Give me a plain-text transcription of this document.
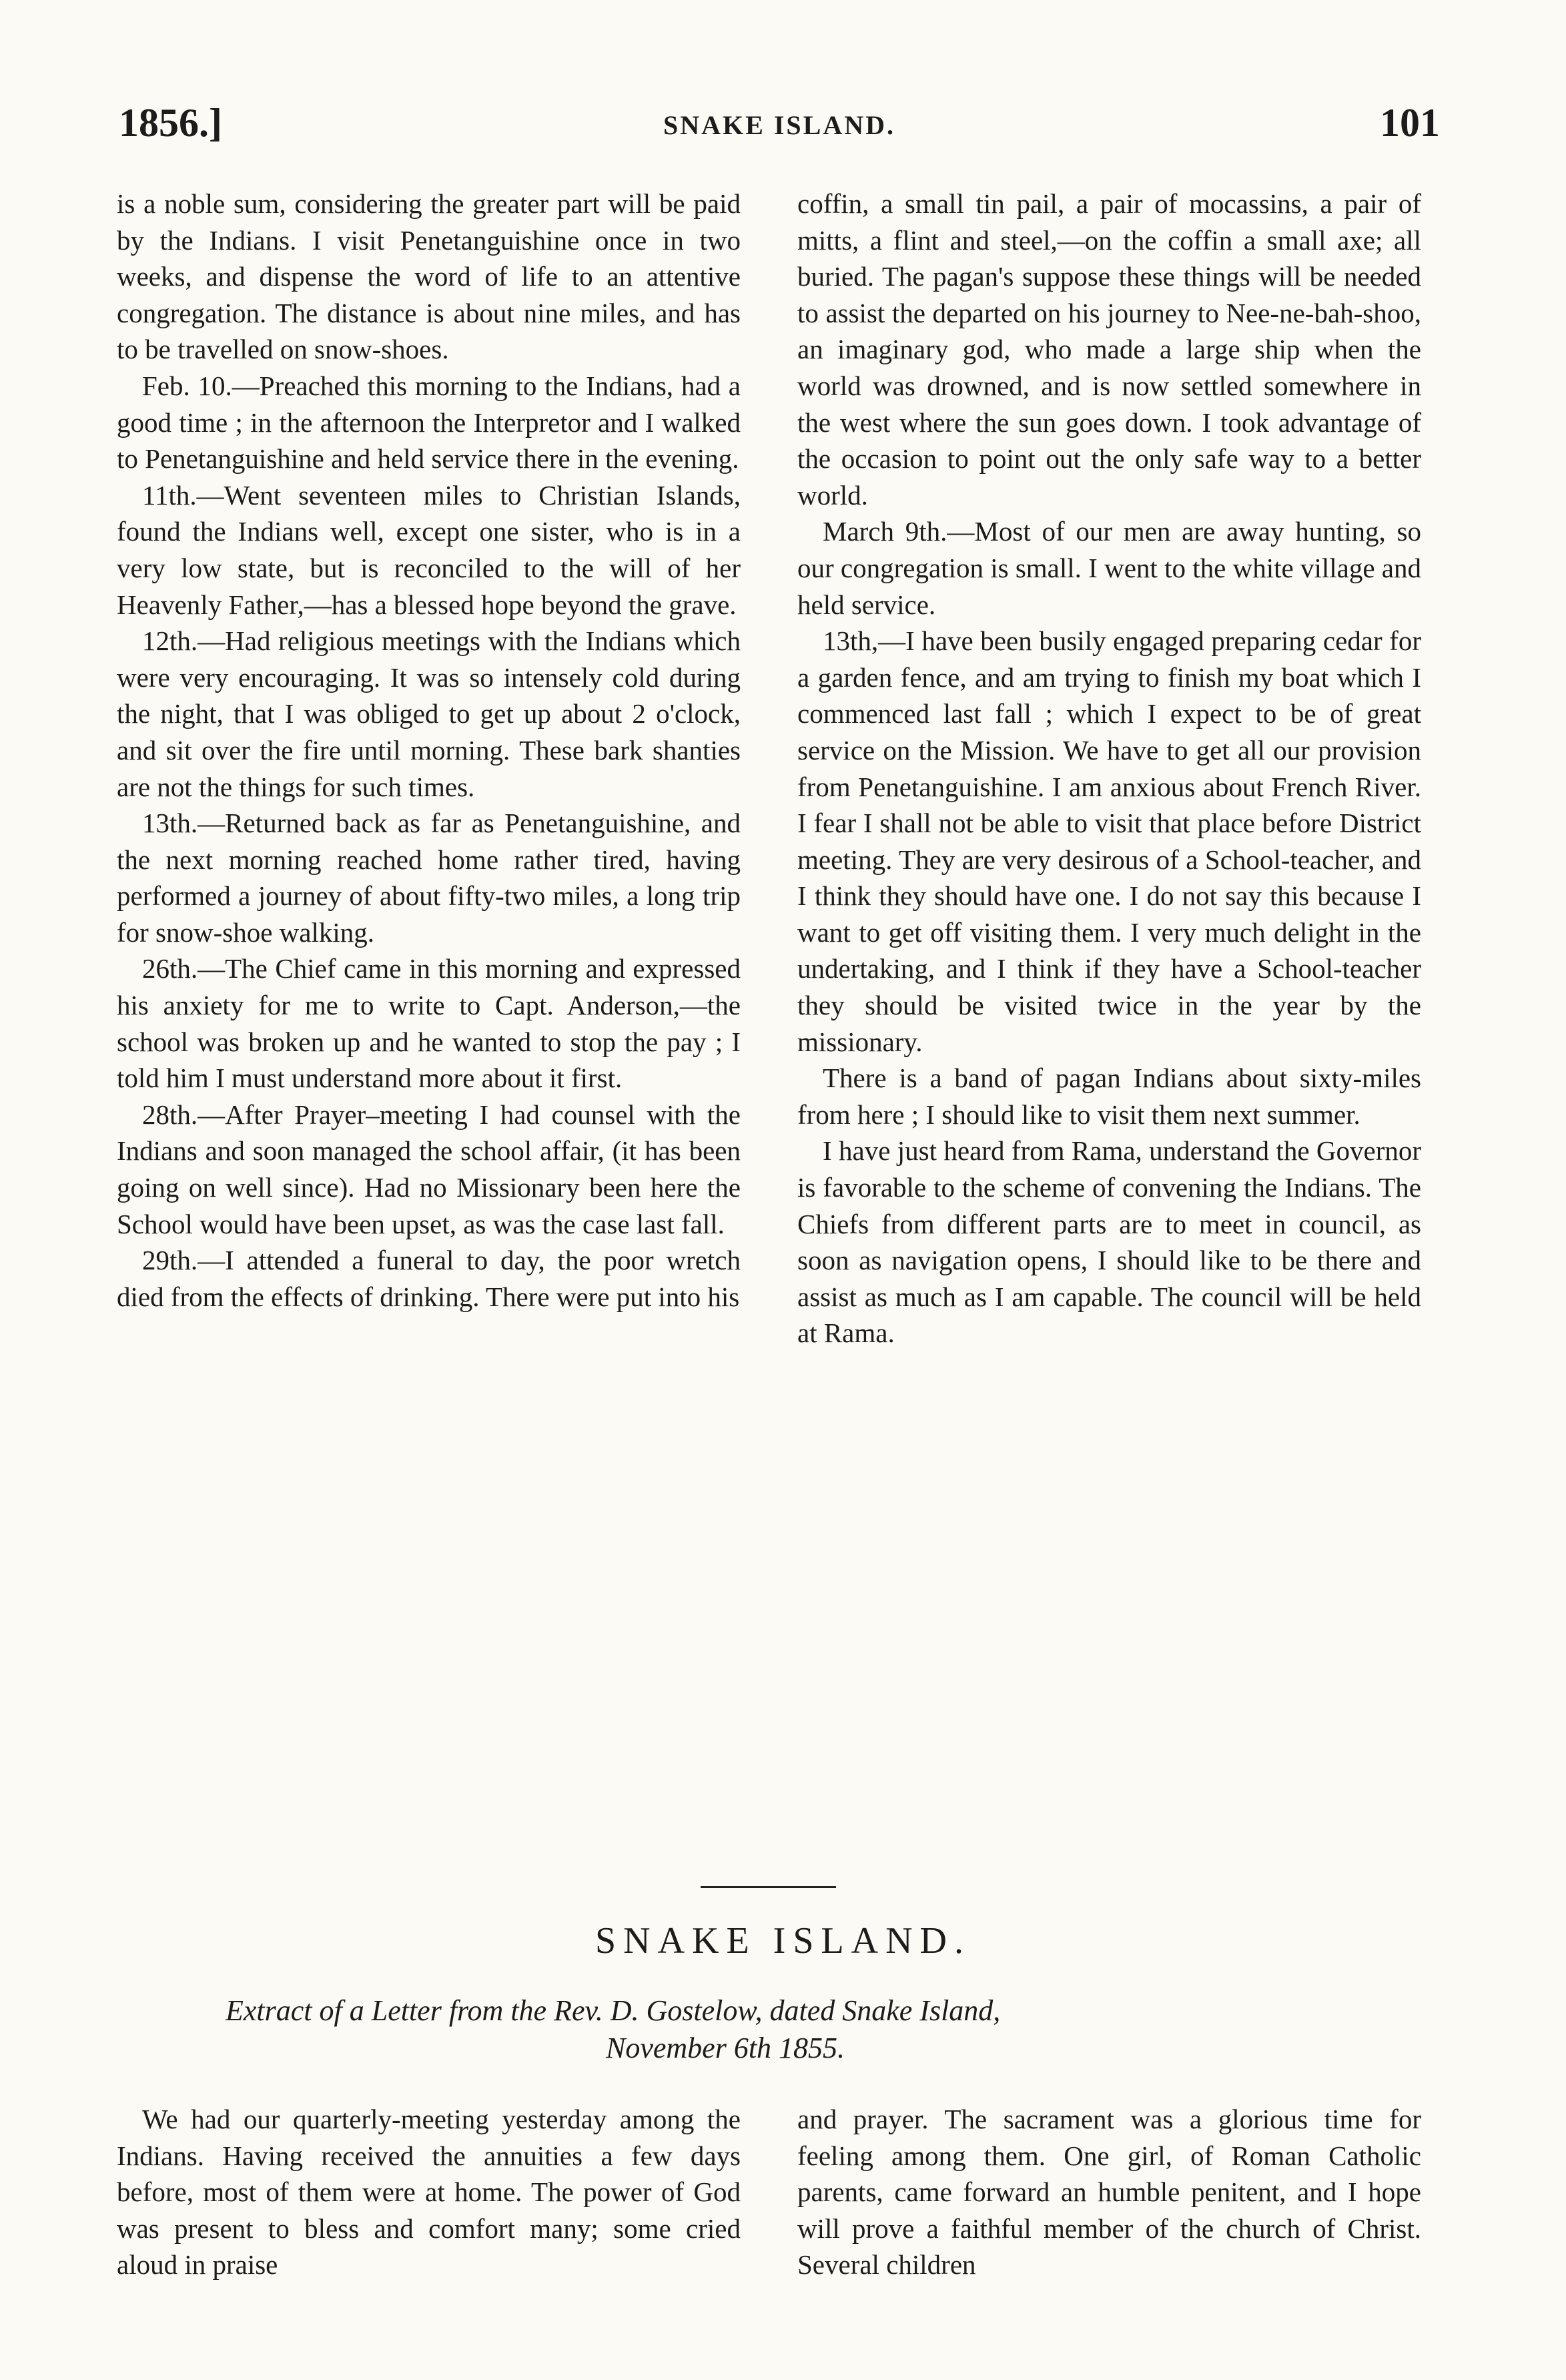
1856.]	SNAKE ISLAND.	101

is a noble sum, considering the greater part will be paid by the Indians. I visit Penetanguishine once in two weeks, and dispense the word of life to an attentive congregation. The distance is about nine miles, and has to be travelled on snow-shoes.

Feb. 10.—Preached this morning to the Indians, had a good time ; in the afternoon the Interpretor and I walked to Penetanguishine and held service there in the evening.

11th.—Went seventeen miles to Christian Islands, found the Indians well, except one sister, who is in a very low state, but is reconciled to the will of her Heavenly Father,—has a blessed hope beyond the grave.

12th.—Had religious meetings with the Indians which were very encouraging. It was so intensely cold during the night, that I was obliged to get up about 2 o'clock, and sit over the fire until morning. These bark shanties are not the things for such times.

13th.—Returned back as far as Penetanguishine, and the next morning reached home rather tired, having performed a journey of about fifty-two miles, a long trip for snow-shoe walking.

26th.—The Chief came in this morning and expressed his anxiety for me to write to Capt. Anderson,—the school was broken up and he wanted to stop the pay ; I told him I must understand more about it first.

28th.—After Prayer–meeting I had counsel with the Indians and soon managed the school affair, (it has been going on well since). Had no Missionary been here the School would have been upset, as was the case last fall.

29th.—I attended a funeral to day, the poor wretch died from the effects of drinking. There were put into his

coffin, a small tin pail, a pair of mocassins, a pair of mitts, a flint and steel,—on the coffin a small axe; all buried. The pagan's suppose these things will be needed to assist the departed on his journey to Nee-ne-bah-shoo, an imaginary god, who made a large ship when the world was drowned, and is now settled somewhere in the west where the sun goes down. I took advantage of the occasion to point out the only safe way to a better world.

March 9th.—Most of our men are away hunting, so our congregation is small. I went to the white village and held service.

13th,—I have been busily engaged preparing cedar for a garden fence, and am trying to finish my boat which I commenced last fall ; which I expect to be of great service on the Mission. We have to get all our provision from Penetanguishine. I am anxious about French River. I fear I shall not be able to visit that place before District meeting. They are very desirous of a School-teacher, and I think they should have one. I do not say this because I want to get off visiting them. I very much delight in the undertaking, and I think if they have a School-teacher they should be visited twice in the year by the missionary.

There is a band of pagan Indians about sixty-miles from here ; I should like to visit them next summer.

I have just heard from Rama, understand the Governor is favorable to the scheme of convening the Indians. The Chiefs from different parts are to meet in council, as soon as navigation opens, I should like to be there and assist as much as I am capable. The council will be held at Rama.

SNAKE ISLAND.
Extract of a Letter from the Rev. D. Gostelow, dated Snake Island,
November 6th 1855.

We had our quarterly-meeting yesterday among the Indians. Having received the annuities a few days before, most of them were at home. The power of God was present to bless and comfort many; some cried aloud in praise

and prayer. The sacrament was a glorious time for feeling among them. One girl, of Roman Catholic parents, came forward an humble penitent, and I hope will prove a faithful member of the church of Christ. Several children
